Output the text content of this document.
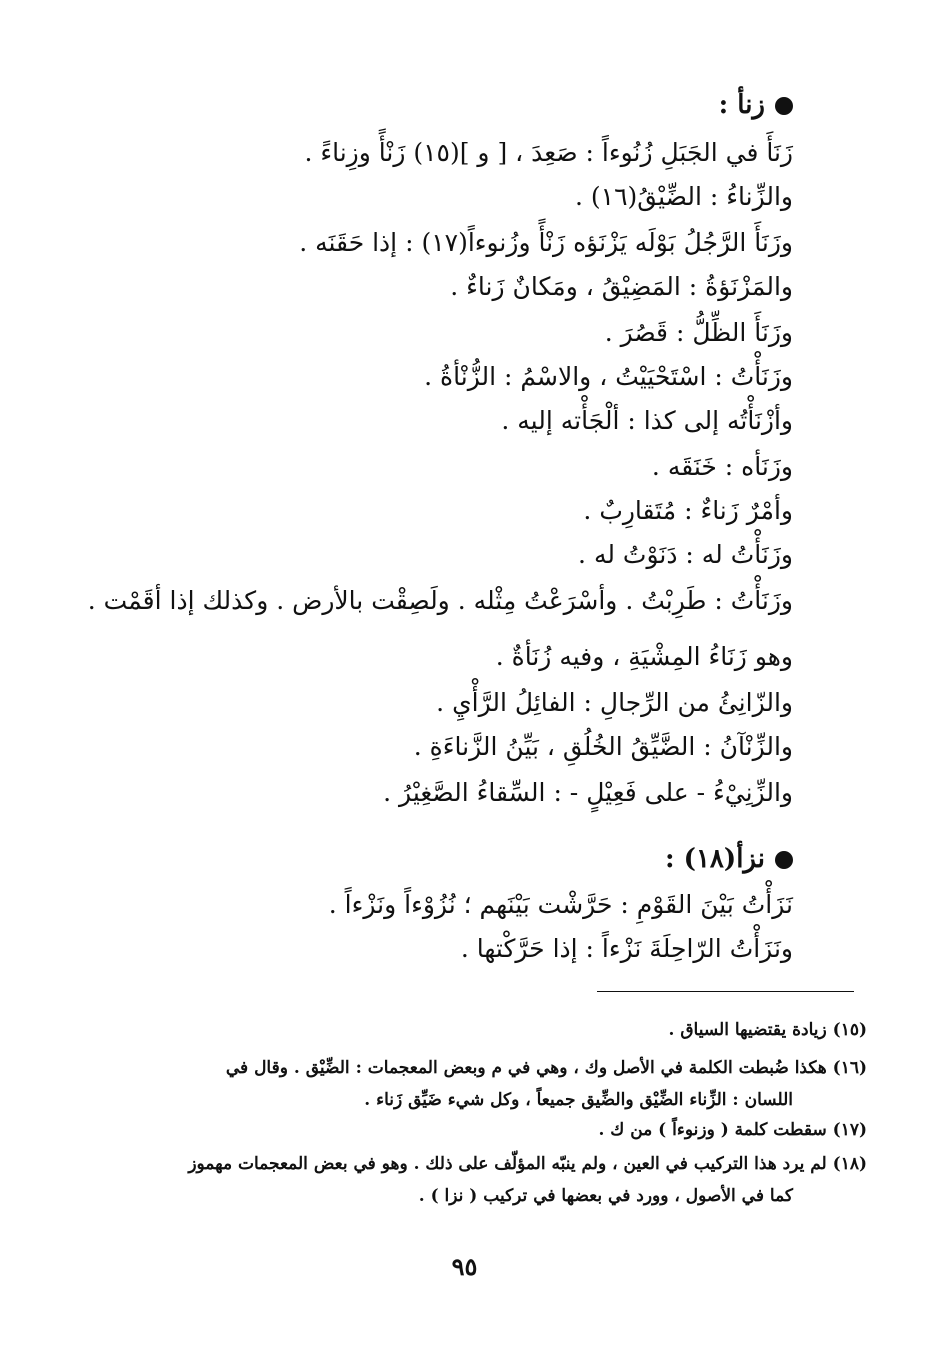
زنأ :
زَنَأَ في الجَبَلِ زُنُوءاً : صَعِدَ ، [ و ](١٥) زَنْأً وزِناءً .
والزِّناءُ : الضِّيْقُ(١٦) .
وزَنَأَ الرَّجُلُ بَوْلَه يَزْنَؤه زَنْأً وزُنوءاً(١٧) : إذا حَقَنَه .
والمَزْنَؤةُ : المَضِيْقُ ، ومَكانٌ زَناءٌ .
وزَنَأَ الظِّلُّ : قَصُرَ .
وزَنَأْتُ : اسْتَحْيَيْتُ ، والاسْمُ : الزُّنْأةُ .
وأزْنَأْتُه إلى كذا : ألْجَأْته إليه .
وزَنَأه : خَنَقَه .
وأمْرٌ زَناءٌ : مُتَقارِبٌ .
وزَنَأْتُ له : دَنَوْتُ له .
وزَنَأْتُ : طَرِبْتُ . وأسْرَعْتُ مِثْله . ولَصِقْت بالأرض . وكذلك إذا أقَمْت .
وهو زَنَاءُ المِشْيَةِ ، وفيه زُنَأةٌ .
والزّانِئُ من الرِّجالِ : الفائِلُ الرَّأْيِ .
والزِّنْآنُ : الضَّيِّقُ الخُلُقِ ، بَيِّنُ الزَّناءَةِ .
والزِّنِيْءُ - على فَعِيْلٍ - : السِّقاءُ الصَّغِيْرُ .
نزأ(١٨) :
نَزَأْتُ بَيْنَ القَوْمِ : حَرَّشْت بَيْنَهم ؛ نُزُوْءاً ونَزْءاً .
ونَزَأْتُ الرّاحِلَةَ نَزْءاً : إذا حَرَّكْتها .
(١٥) زيادة يقتضيها السياق .
(١٦) هكذا ضُبطت الكلمة في الأصل وك ، وهي في م وبعض المعجمات : الضِّيْق . وقال في
اللسان : الزِّناء الضِّيْق والضِّيق جميعاً ، وكل شيء ضَيِّق زَناء .
(١٧) سقطت كلمة ( وزنوءاً ) من ك .
(١٨) لم يرد هذا التركيب في العين ، ولم ينبّه المؤلّف على ذلك . وهو في بعض المعجمات مهموز
كما في الأصول ، وورد في بعضها في تركيب ( نزا ) .
٩٥
